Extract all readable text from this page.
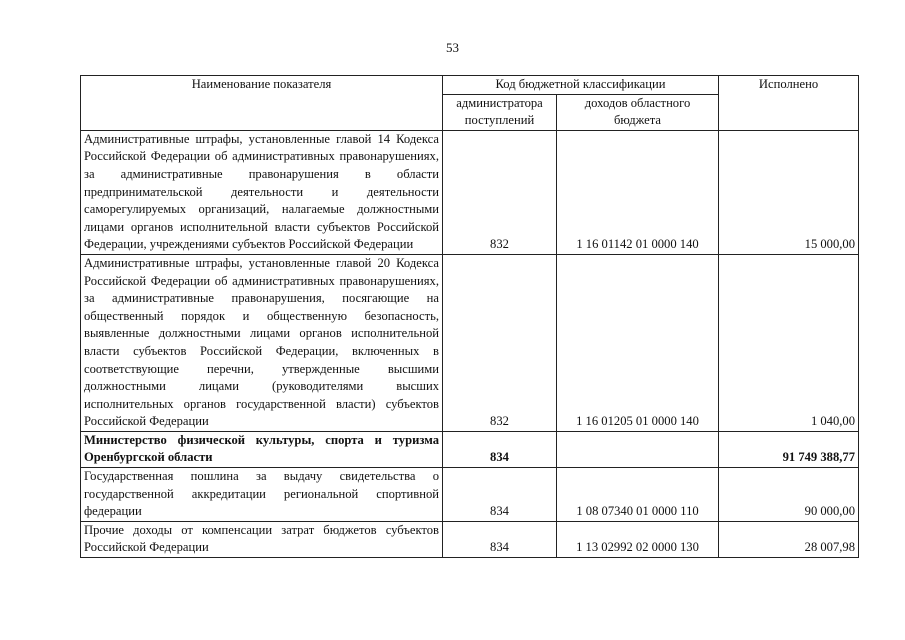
53
Наименование показателя	Код бюджетной классификации		Исполнено
	администратора поступлений	доходов областного бюджета	
Административные штрафы, установленные главой 14 Кодекса Российской Федерации об административных правонарушениях, за административные правонарушения в области предпринимательской деятельности и деятельности саморегулируемых организаций, налагаемые должностными лицами органов исполнительной власти субъектов Российской Федерации, учреждениями субъектов Российской Федерации	832	1 16 01142 01 0000 140	15 000,00
Административные штрафы, установленные главой 20 Кодекса Российской Федерации об административных правонарушениях, за административные правонарушения, посягающие на общественный порядок и общественную безопасность, выявленные должностными лицами органов исполнительной власти субъектов Российской Федерации, включенных в соответствующие перечни, утвержденные высшими должностными лицами (руководителями высших исполнительных органов государственной власти) субъектов Российской Федерации	832	1 16 01205 01 0000 140	1 040,00
Министерство физической культуры, спорта и туризма Оренбургской области	834		91 749 388,77
Государственная пошлина за выдачу свидетельства о государственной аккредитации региональной спортивной федерации	834	1 08 07340 01 0000 110	90 000,00
Прочие доходы от компенсации затрат бюджетов субъектов Российской Федерации	834	1 13 02992 02 0000 130	28 007,98
